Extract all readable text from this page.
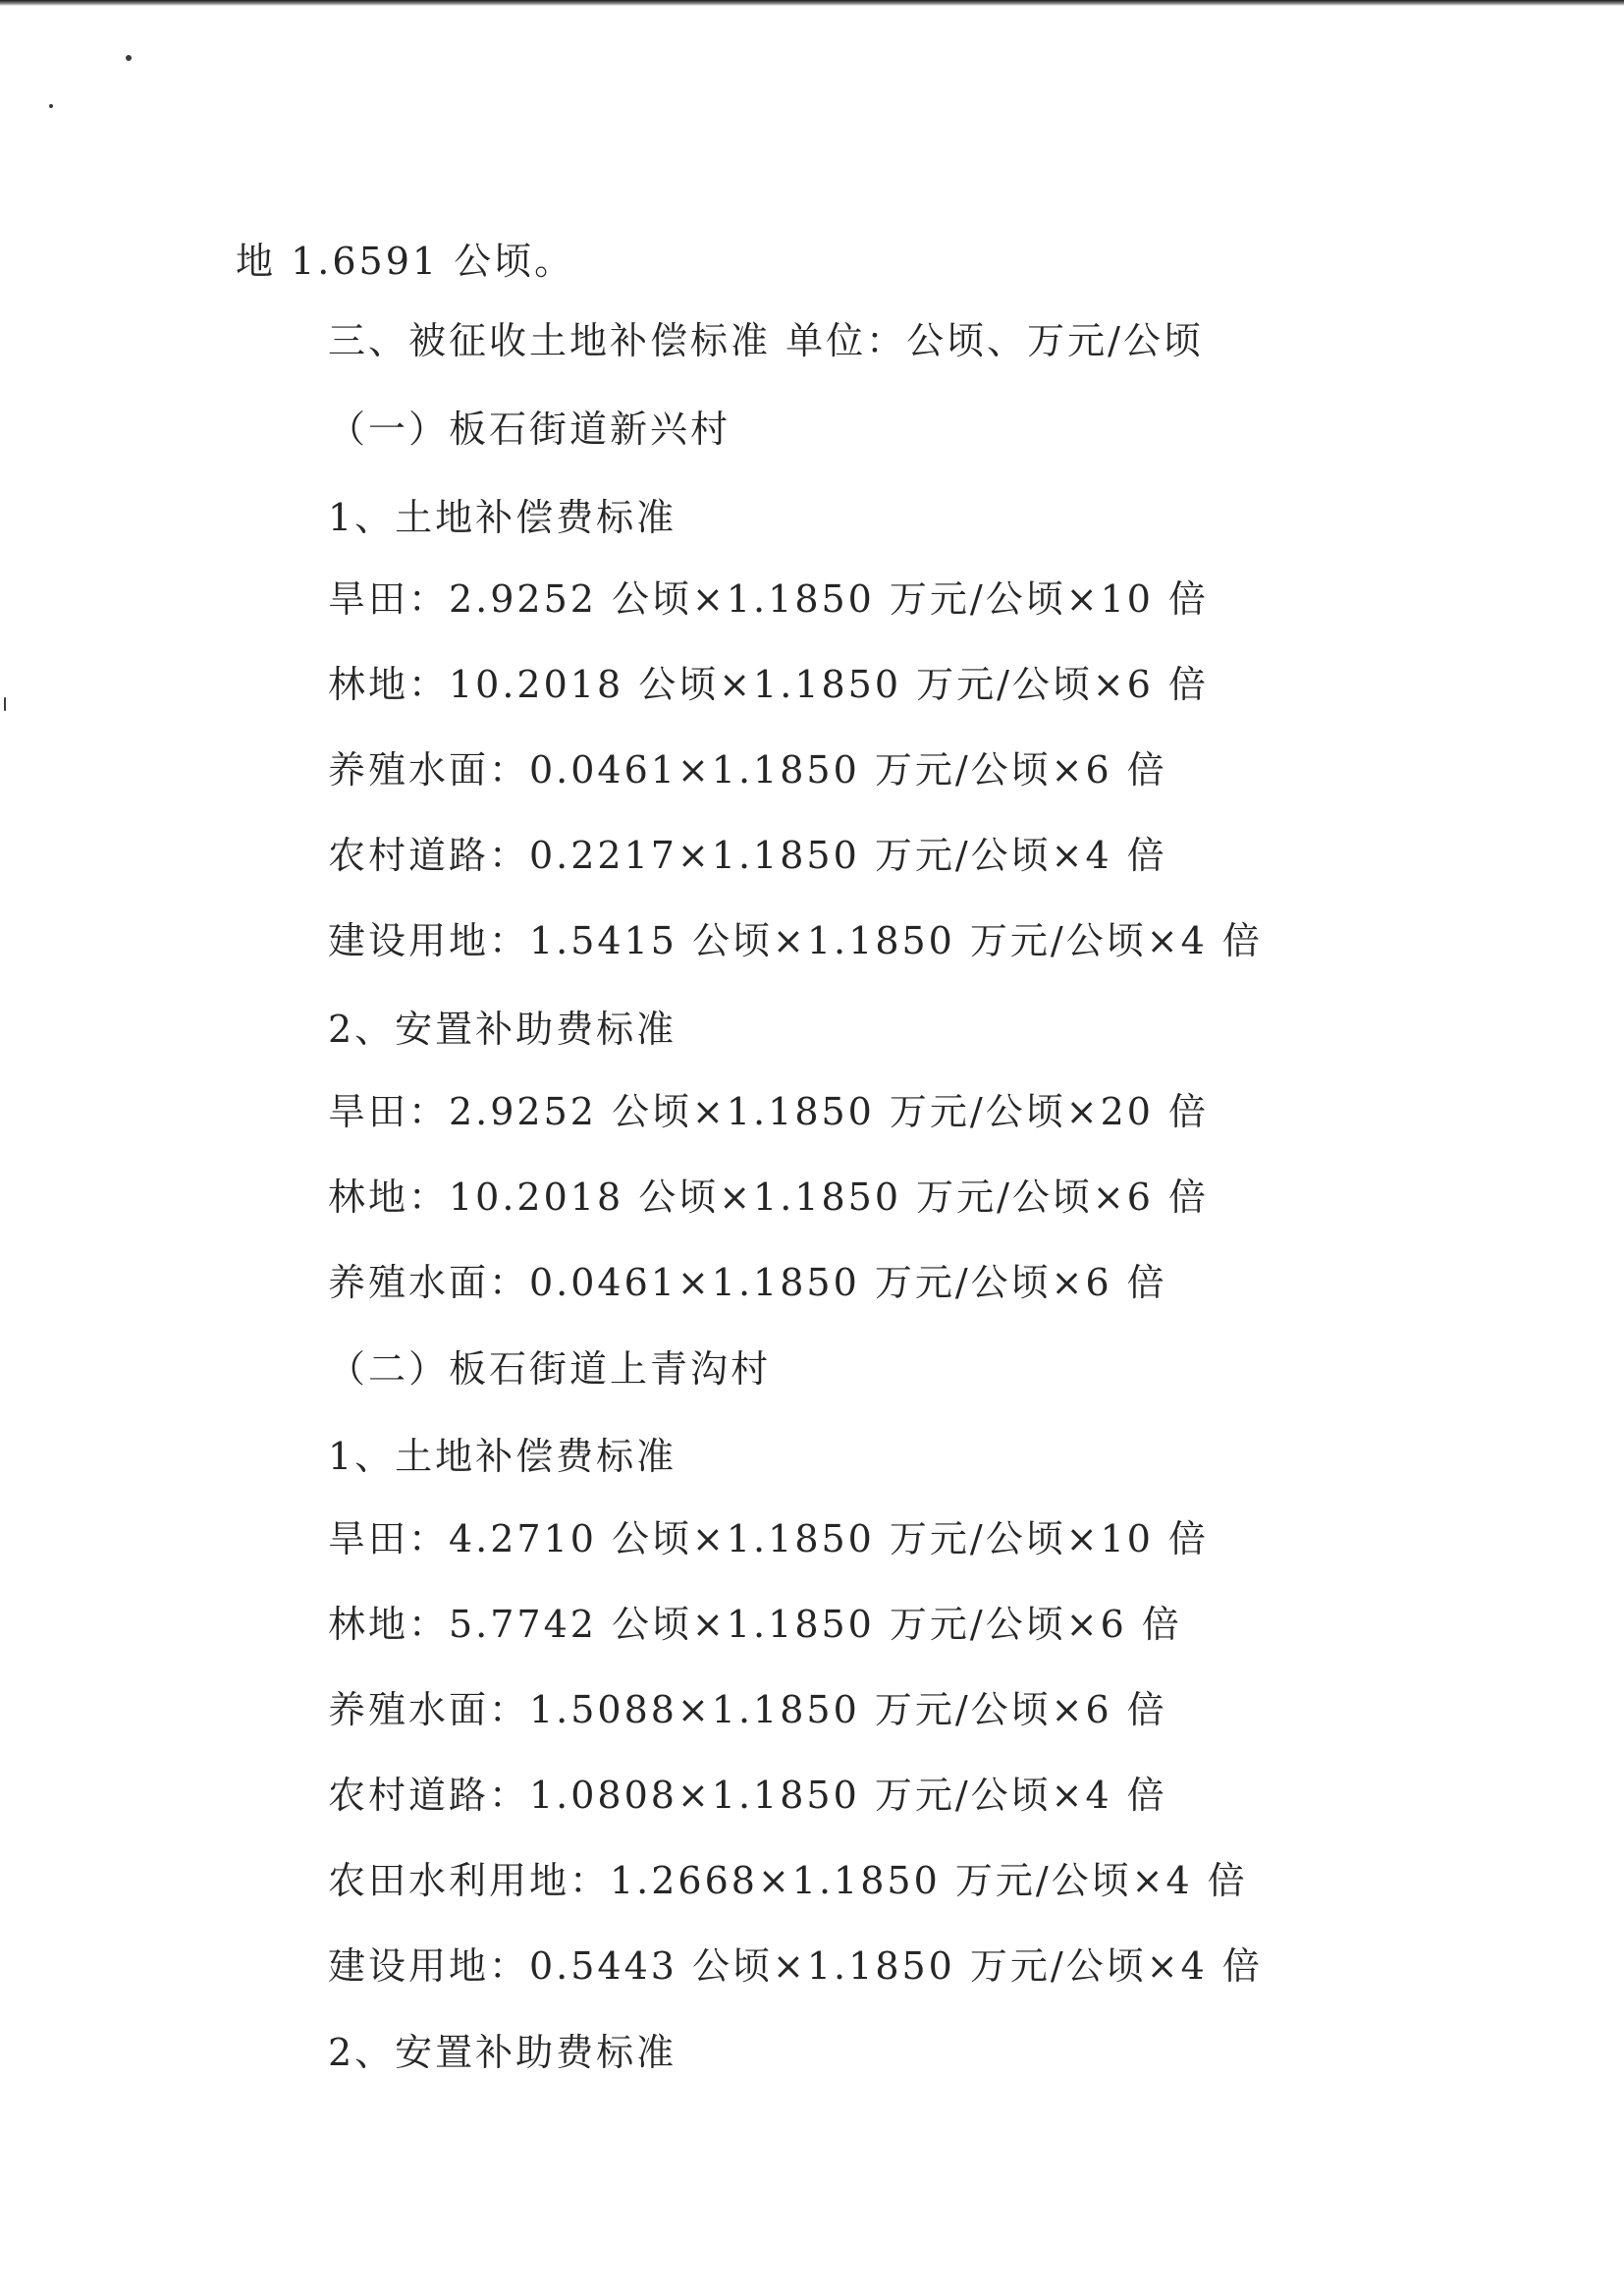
地 1.6591 公顷。
三、被征收土地补偿标准 单位：公顷、万元/公顷
（一）板石街道新兴村
1、土地补偿费标准
旱田：2.9252 公顷×1.1850 万元/公顷×10 倍
林地：10.2018 公顷×1.1850 万元/公顷×6 倍
养殖水面：0.0461×1.1850 万元/公顷×6 倍
农村道路：0.2217×1.1850 万元/公顷×4 倍
建设用地：1.5415 公顷×1.1850 万元/公顷×4 倍
2、安置补助费标准
旱田：2.9252 公顷×1.1850 万元/公顷×20 倍
林地：10.2018 公顷×1.1850 万元/公顷×6 倍
养殖水面：0.0461×1.1850 万元/公顷×6 倍
（二）板石街道上青沟村
1、土地补偿费标准
旱田：4.2710 公顷×1.1850 万元/公顷×10 倍
林地：5.7742 公顷×1.1850 万元/公顷×6 倍
养殖水面：1.5088×1.1850 万元/公顷×6 倍
农村道路：1.0808×1.1850 万元/公顷×4 倍
农田水利用地：1.2668×1.1850 万元/公顷×4 倍
建设用地：0.5443 公顷×1.1850 万元/公顷×4 倍
2、安置补助费标准
